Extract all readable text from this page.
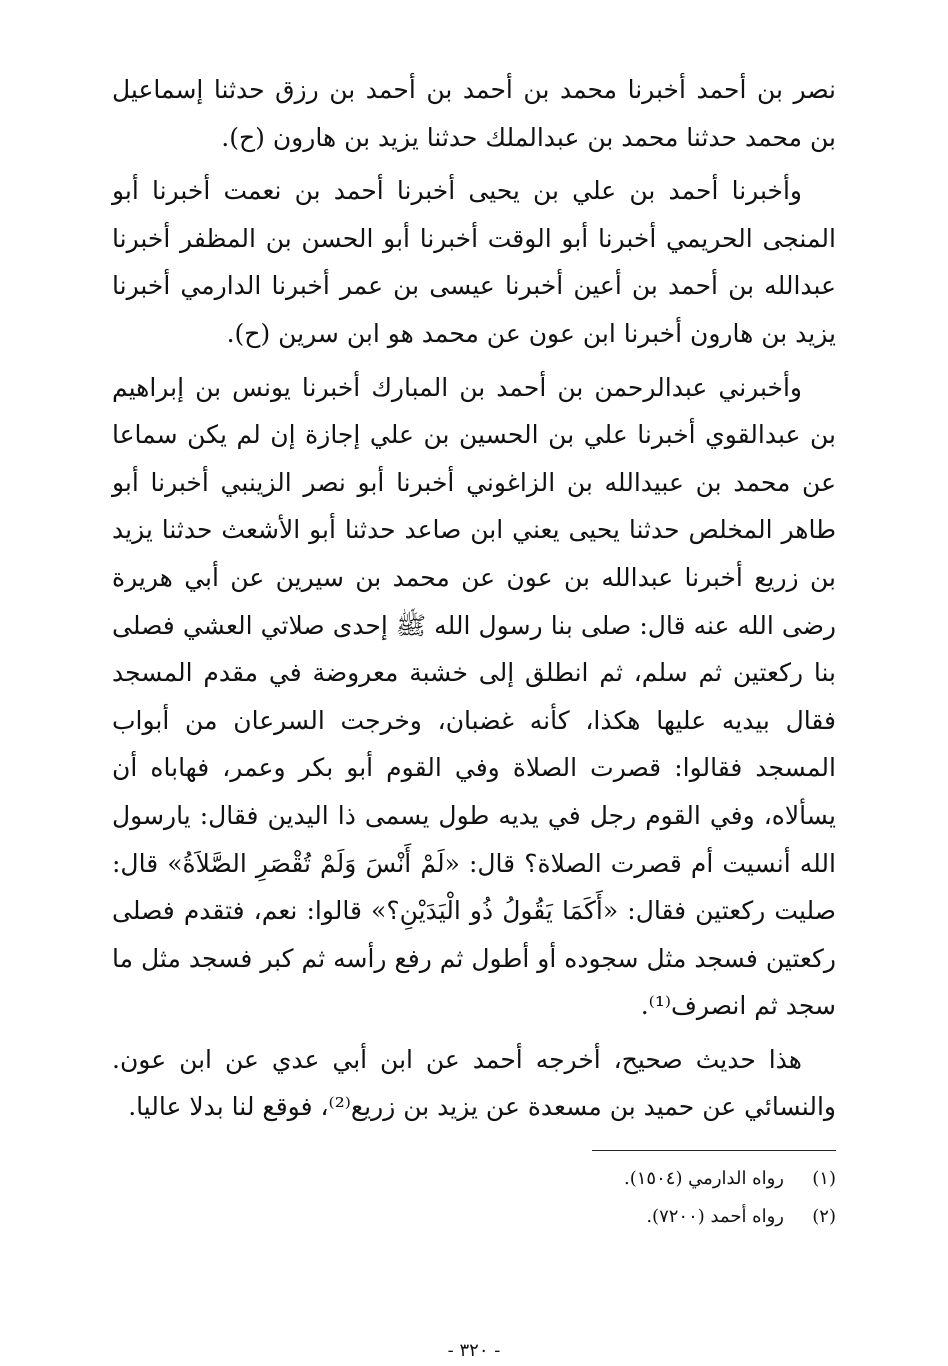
نصر بن أحمد أخبرنا محمد بن أحمد بن أحمد بن رزق حدثنا إسماعيل بن محمد حدثنا محمد بن عبدالملك حدثنا يزيد بن هارون (ح).

وأخبرنا أحمد بن علي بن يحيى أخبرنا أحمد بن نعمت أخبرنا أبو المنجى الحريمي أخبرنا أبو الوقت أخبرنا أبو الحسن بن المظفر أخبرنا عبدالله بن أحمد بن أعين أخبرنا عيسى بن عمر أخبرنا الدارمي أخبرنا يزيد بن هارون أخبرنا ابن عون عن محمد هو ابن سرين (ح).

وأخبرني عبدالرحمن بن أحمد بن المبارك أخبرنا يونس بن إبراهيم بن عبدالقوي أخبرنا علي بن الحسين بن علي إجازة إن لم يكن سماعا عن محمد بن عبيدالله بن الزاغوني أخبرنا أبو نصر الزينبي أخبرنا أبو طاهر المخلص حدثنا يحيى يعني ابن صاعد حدثنا أبو الأشعث حدثنا يزيد بن زريع أخبرنا عبدالله بن عون عن محمد بن سيرين عن أبي هريرة رضى الله عنه قال: صلى بنا رسول الله ﷺ إحدى صلاتي العشي فصلى بنا ركعتين ثم سلم، ثم انطلق إلى خشبة معروضة في مقدم المسجد فقال بيديه عليها هكذا، كأنه غضبان، وخرجت السرعان من أبواب المسجد فقالوا: قصرت الصلاة وفي القوم أبو بكر وعمر، فهاباه أن يسألاه، وفي القوم رجل في يديه طول يسمى ذا اليدين فقال: يارسول الله أنسيت أم قصرت الصلاة؟ قال: «لَمْ أَنْسَ وَلَمْ تُقْصَرِ الصَّلاَةُ» قال: صليت ركعتين فقال: «أَكَمَا يَقُولُ ذُو الْيَدَيْنِ؟» قالوا: نعم، فتقدم فصلى ركعتين فسجد مثل سجوده أو أطول ثم رفع رأسه ثم كبر فسجد مثل ما سجد ثم انصرف⁽¹⁾.

هذا حديث صحيح، أخرجه أحمد عن ابن أبي عدي عن ابن عون. والنسائي عن حميد بن مسعدة عن يزيد بن زريع⁽²⁾، فوقع لنا بدلا عاليا.

(١)رواه الدارمي (١٥٠٤).

(٢)رواه أحمد (٧٢٠٠).

- ٣٢٠ -
